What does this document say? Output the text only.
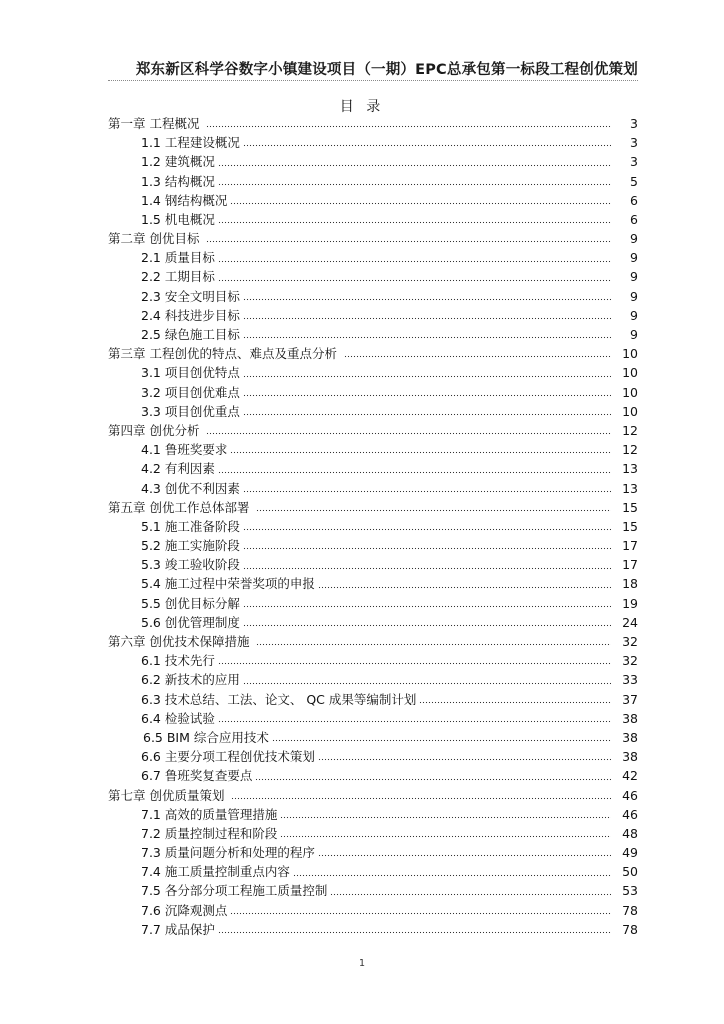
郑东新区科学谷数字小镇建设项目（一期）EPC总承包第一标段工程创优策划
目 录
第一章 工程概况	3
1.1 工程建设概况	3
1.2 建筑概况	3
1.3 结构概况	5
1.4 钢结构概况	6
1.5 机电概况	6
第二章 创优目标	9
2.1 质量目标	9
2.2 工期目标	9
2.3 安全文明目标	9
2.4 科技进步目标	9
2.5 绿色施工目标	9
第三章 工程创优的特点、难点及重点分析	10
3.1 项目创优特点	10
3.2 项目创优难点	10
3.3 项目创优重点	10
第四章 创优分析	12
4.1 鲁班奖要求	12
4.2 有利因素	13
4.3 创优不利因素	13
第五章 创优工作总体部署	15
5.1 施工准备阶段	15
5.2 施工实施阶段	17
5.3 竣工验收阶段	17
5.4 施工过程中荣誉奖项的申报	18
5.5 创优目标分解	19
5.6 创优管理制度	24
第六章 创优技术保障措施	32
6.1 技术先行	32
6.2 新技术的应用	33
6.3 技术总结、工法、论文、 QC 成果等编制计划	37
6.4 检验试验	38
6.5 BIM 综合应用技术	38
6.6 主要分项工程创优技术策划	38
6.7 鲁班奖复查要点	42
第七章 创优质量策划	46
7.1 高效的质量管理措施	46
7.2 质量控制过程和阶段	48
7.3 质量问题分析和处理的程序	49
7.4 施工质量控制重点内容	50
7.5 各分部分项工程施工质量控制	53
7.6 沉降观测点	78
7.7 成品保护	78
1
